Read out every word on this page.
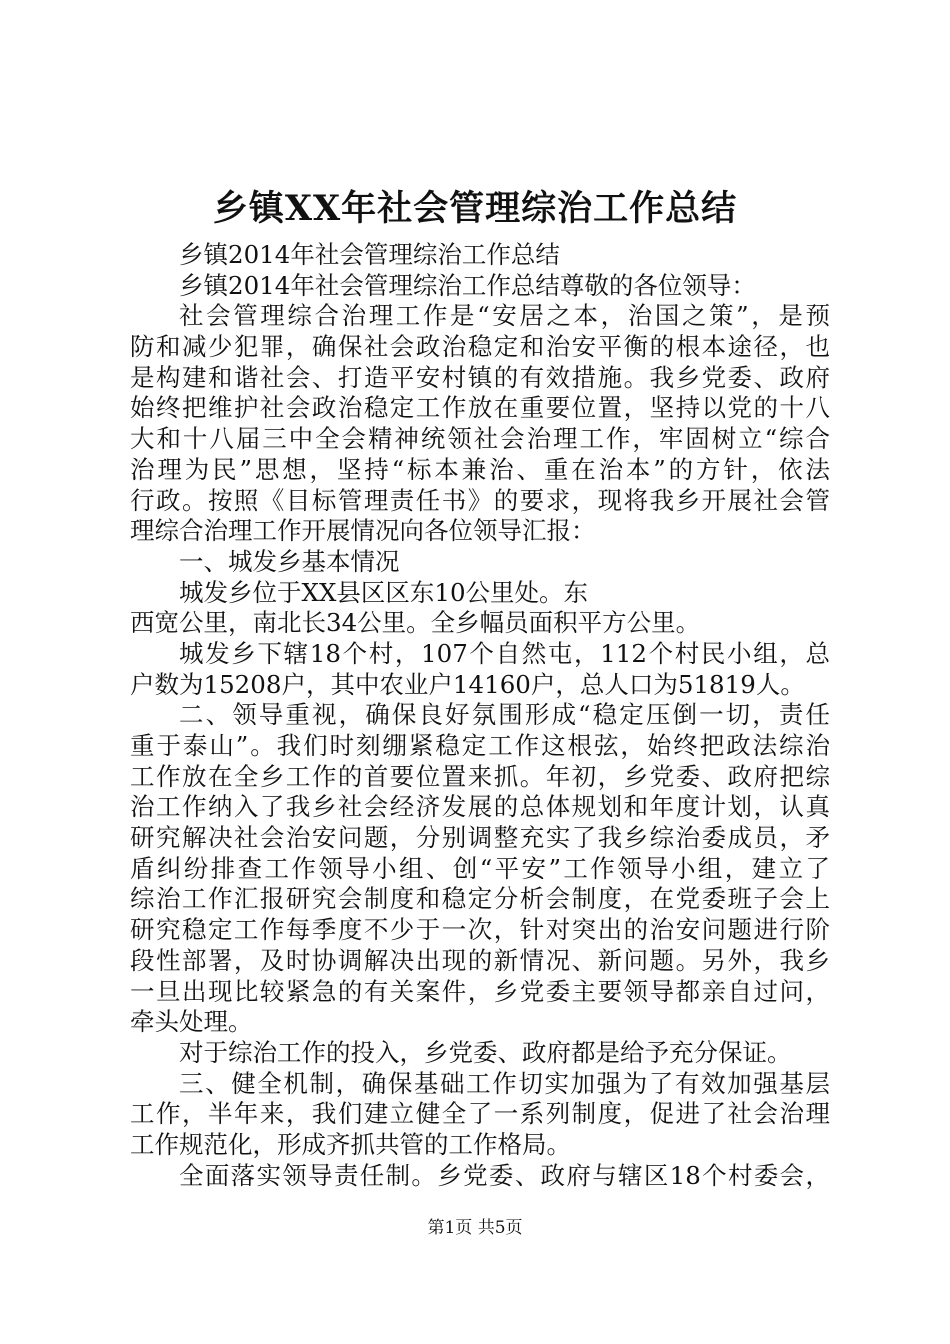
乡镇XX年社会管理综治工作总结
乡镇2014年社会管理综治工作总结
乡镇2014年社会管理综治工作总结尊敬的各位领导：
社会管理综合治理工作是“安居之本，治国之策”，是预
防和减少犯罪，确保社会政治稳定和治安平衡的根本途径，也
是构建和谐社会、打造平安村镇的有效措施。我乡党委、政府
始终把维护社会政治稳定工作放在重要位置，坚持以党的十八
大和十八届三中全会精神统领社会治理工作，牢固树立“综合
治理为民”思想，坚持“标本兼治、重在治本”的方针，依法
行政。按照《目标管理责任书》的要求，现将我乡开展社会管
理综合治理工作开展情况向各位领导汇报：
一、城发乡基本情况
城发乡位于XX县区区东10公里处。东
西宽公里，南北长34公里。全乡幅员面积平方公里。
城发乡下辖18个村，107个自然屯，112个村民小组，总
户数为15208户，其中农业户14160户，总人口为51819人。
二、领导重视，确保良好氛围形成“稳定压倒一切，责任
重于泰山”。我们时刻绷紧稳定工作这根弦，始终把政法综治
工作放在全乡工作的首要位置来抓。年初，乡党委、政府把综
治工作纳入了我乡社会经济发展的总体规划和年度计划，认真
研究解决社会治安问题，分别调整充实了我乡综治委成员，矛
盾纠纷排查工作领导小组、创“平安”工作领导小组，建立了
综治工作汇报研究会制度和稳定分析会制度，在党委班子会上
研究稳定工作每季度不少于一次，针对突出的治安问题进行阶
段性部署，及时协调解决出现的新情况、新问题。另外，我乡
一旦出现比较紧急的有关案件，乡党委主要领导都亲自过问，
牵头处理。
对于综治工作的投入，乡党委、政府都是给予充分保证。
三、健全机制，确保基础工作切实加强为了有效加强基层
工作，半年来，我们建立健全了一系列制度，促进了社会治理
工作规范化，形成齐抓共管的工作格局。
全面落实领导责任制。乡党委、政府与辖区18个村委会，
第1页 共5页
